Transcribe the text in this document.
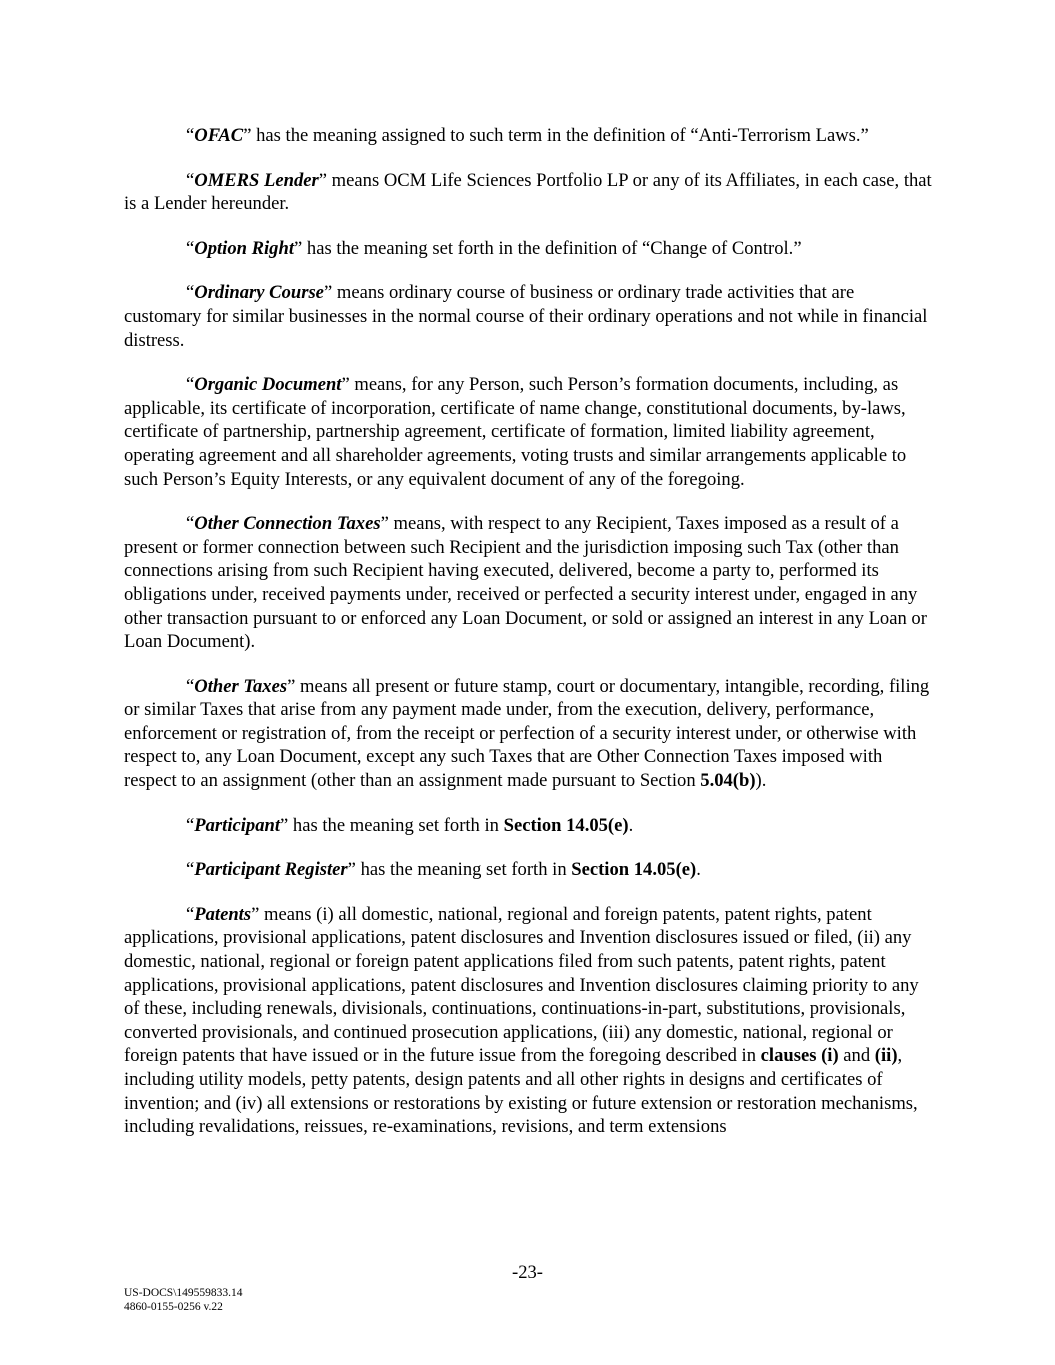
“OFAC” has the meaning assigned to such term in the definition of “Anti-Terrorism Laws.”

“OMERS Lender” means OCM Life Sciences Portfolio LP or any of its Affiliates, in each case, that is a Lender hereunder.

“Option Right” has the meaning set forth in the definition of “Change of Control.”

“Ordinary Course” means ordinary course of business or ordinary trade activities that are customary for similar businesses in the normal course of their ordinary operations and not while in financial distress.

“Organic Document” means, for any Person, such Person’s formation documents, including, as applicable, its certificate of incorporation, certificate of name change, constitutional documents, by-laws, certificate of partnership, partnership agreement, certificate of formation, limited liability agreement, operating agreement and all shareholder agreements, voting trusts and similar arrangements applicable to such Person’s Equity Interests, or any equivalent document of any of the foregoing.

“Other Connection Taxes” means, with respect to any Recipient, Taxes imposed as a result of a present or former connection between such Recipient and the jurisdiction imposing such Tax (other than connections arising from such Recipient having executed, delivered, become a party to, performed its obligations under, received payments under, received or perfected a security interest under, engaged in any other transaction pursuant to or enforced any Loan Document, or sold or assigned an interest in any Loan or Loan Document).

“Other Taxes” means all present or future stamp, court or documentary, intangible, recording, filing or similar Taxes that arise from any payment made under, from the execution, delivery, performance, enforcement or registration of, from the receipt or perfection of a security interest under, or otherwise with respect to, any Loan Document, except any such Taxes that are Other Connection Taxes imposed with respect to an assignment (other than an assignment made pursuant to Section 5.04(b)).

“Participant” has the meaning set forth in Section 14.05(e).

“Participant Register” has the meaning set forth in Section 14.05(e).

“Patents” means (i) all domestic, national, regional and foreign patents, patent rights, patent applications, provisional applications, patent disclosures and Invention disclosures issued or filed, (ii) any domestic, national, regional or foreign patent applications filed from such patents, patent rights, patent applications, provisional applications, patent disclosures and Invention disclosures claiming priority to any of these, including renewals, divisionals, continuations, continuations-in-part, substitutions, provisionals, converted provisionals, and continued prosecution applications, (iii) any domestic, national, regional or foreign patents that have issued or in the future issue from the foregoing described in clauses (i) and (ii), including utility models, petty patents, design patents and all other rights in designs and certificates of invention; and (iv) all extensions or restorations by existing or future extension or restoration mechanisms, including revalidations, reissues, re-examinations, revisions, and term extensions

-23-
US-DOCS\149559833.14
4860-0155-0256 v.22
